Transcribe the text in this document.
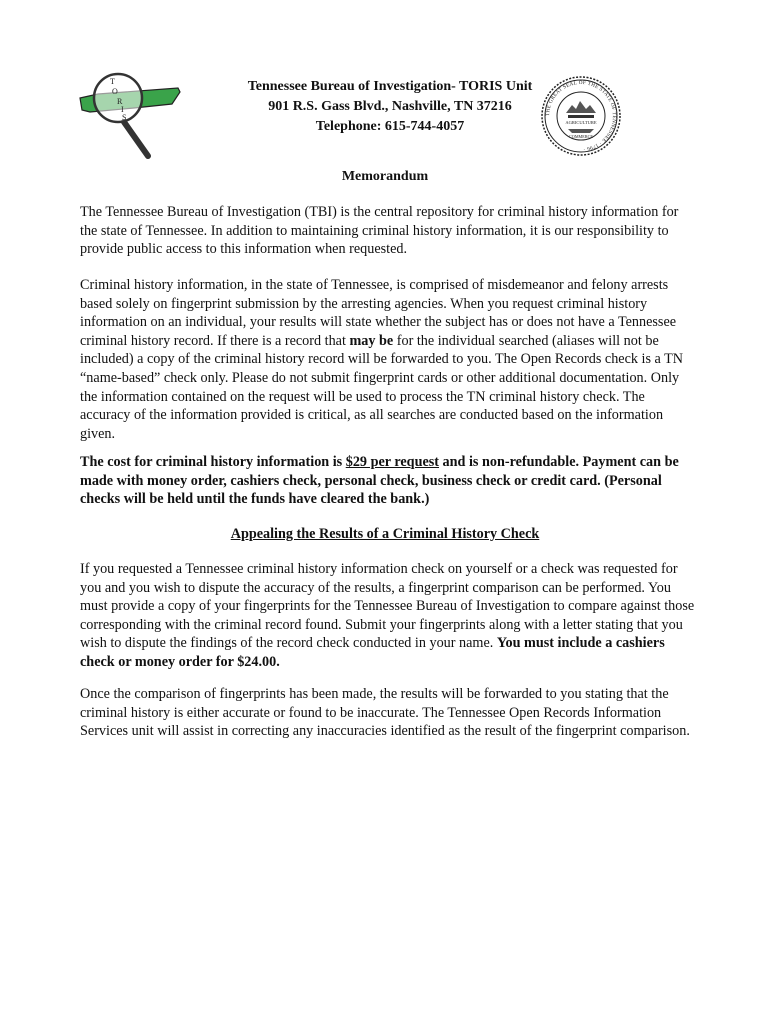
T
O
R
I
S	THE GREAT SEAL OF THE STATE OF TENNESSEE · 1796 ·
AGRICULTURE
COMMERCE
Tennessee Bureau of Investigation- TORIS Unit
901 R.S. Gass Blvd., Nashville, TN 37216
Telephone: 615-744-4057
Memorandum

The Tennessee Bureau of Investigation (TBI) is the central repository for criminal history information for the state of Tennessee. In addition to maintaining criminal history information, it is our responsibility to provide public access to this information when requested.

Criminal history information, in the state of Tennessee, is comprised of misdemeanor and felony arrests based solely on fingerprint submission by the arresting agencies. When you request criminal history information on an individual, your results will state whether the subject has or does not have a Tennessee criminal history record. If there is a record that may be for the individual searched (aliases will not be included) a copy of the criminal history record will be forwarded to you. The Open Records check is a TN “name-based” check only. Please do not submit fingerprint cards or other additional documentation. Only the information contained on the request will be used to process the TN criminal history check. The accuracy of the information provided is critical, as all searches are conducted based on the information given.

The cost for criminal history information is $29 per request and is non-refundable. Payment can be made with money order, cashiers check, personal check, business check or credit card. (Personal checks will be held until the funds have cleared the bank.)

Appealing the Results of a Criminal History Check

If you requested a Tennessee criminal history information check on yourself or a check was requested for you and you wish to dispute the accuracy of the results, a fingerprint comparison can be performed. You must provide a copy of your fingerprints for the Tennessee Bureau of Investigation to compare against those corresponding with the criminal record found. Submit your fingerprints along with a letter stating that you wish to dispute the findings of the record check conducted in your name. You must include a cashiers check or money order for $24.00.

Once the comparison of fingerprints has been made, the results will be forwarded to you stating that the criminal history is either accurate or found to be inaccurate. The Tennessee Open Records Information Services unit will assist in correcting any inaccuracies identified as the result of the fingerprint comparison.
